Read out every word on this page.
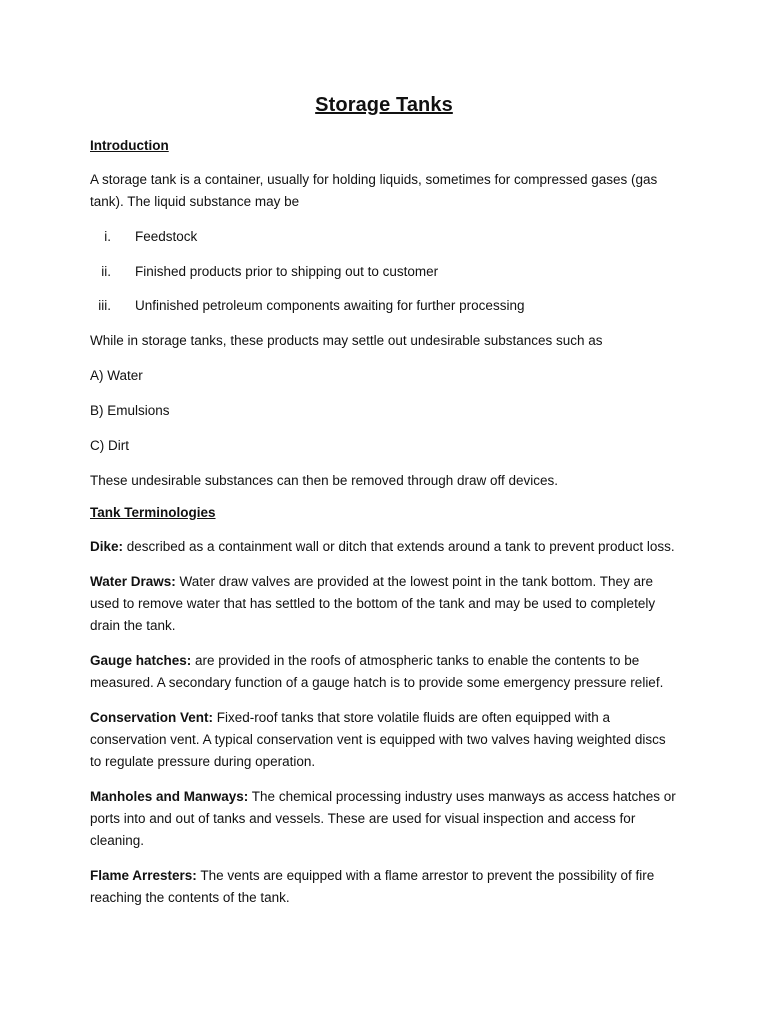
Storage Tanks
Introduction

A storage tank is a container, usually for holding liquids, sometimes for compressed gases (gas tank). The liquid substance may be

i. Feedstock
ii. Finished products prior to shipping out to customer
iii. Unfinished petroleum components awaiting for further processing

While in storage tanks, these products may settle out undesirable substances such as

A) Water

B) Emulsions

C) Dirt

These undesirable substances can then be removed through draw off devices.

Tank Terminologies

Dike: described as a containment wall or ditch that extends around a tank to prevent product loss.

Water Draws: Water draw valves are provided at the lowest point in the tank bottom. They are used to remove water that has settled to the bottom of the tank and may be used to completely drain the tank.

Gauge hatches: are provided in the roofs of atmospheric tanks to enable the contents to be measured. A secondary function of a gauge hatch is to provide some emergency pressure relief.

Conservation Vent: Fixed-roof tanks that store volatile fluids are often equipped with a conservation vent. A typical conservation vent is equipped with two valves having weighted discs to regulate pressure during operation.

Manholes and Manways: The chemical processing industry uses manways as access hatches or ports into and out of tanks and vessels. These are used for visual inspection and access for cleaning.

Flame Arresters: The vents are equipped with a flame arrestor to prevent the possibility of fire reaching the contents of the tank.
